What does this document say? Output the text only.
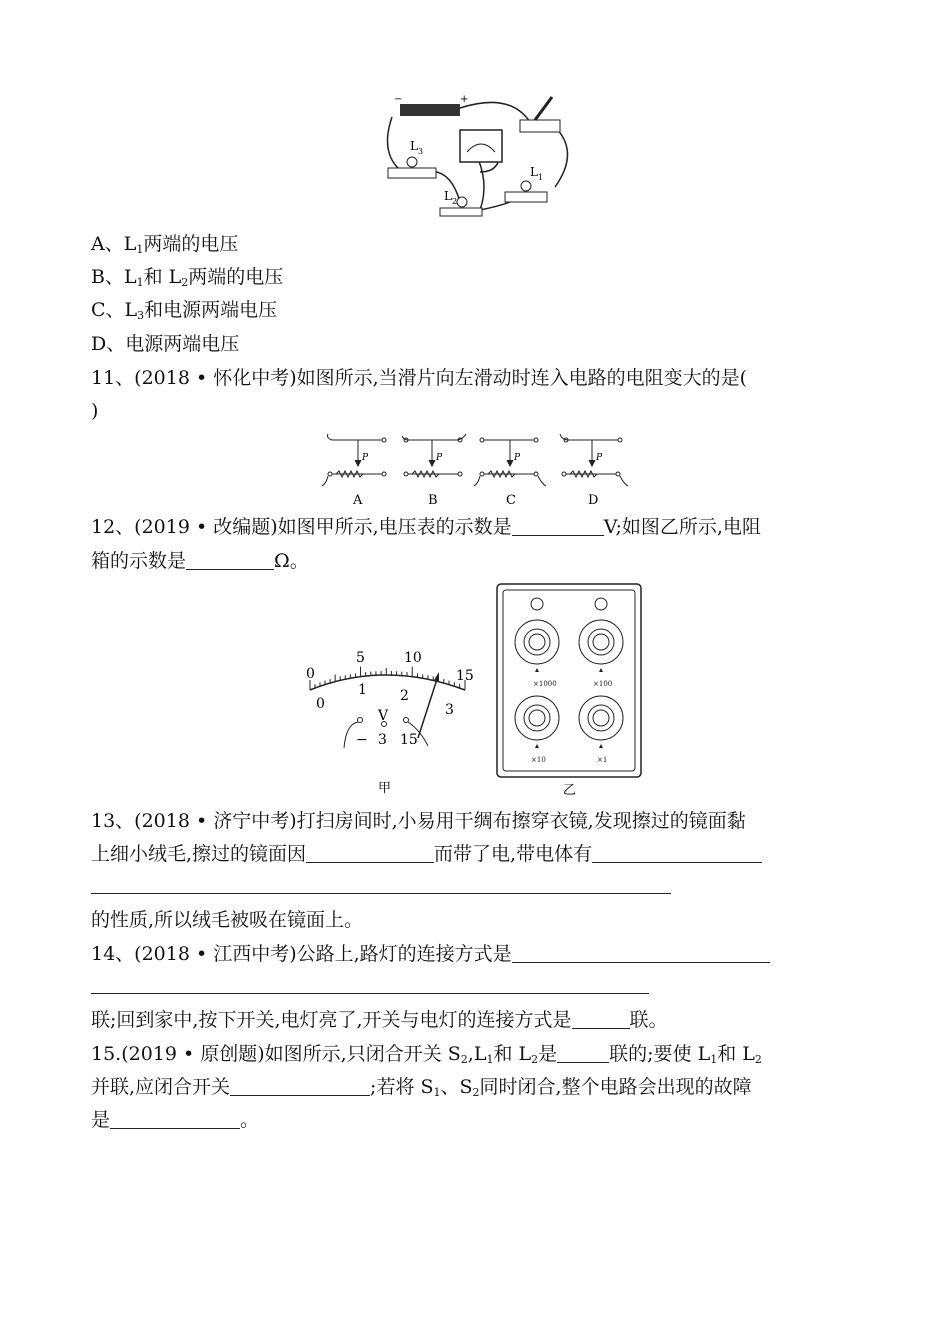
−	+
L 3
L 1
L 2
A、$L_1$两端的电压
B、$L_1$和 $L_2$两端的电压
C、$L_3$和电源两端电压
D、电源两端电压
11、(2018 • 怀化中考)如图所示,当滑片向左滑动时连入电路的电阻变大的是(
)
P	P	P	P
A	B	C	D
12、(2019 • 改编题)如图甲所示,电压表的示数是	V;如图乙所示,电阻
箱的示数是	Ω。
0
5	10
15
0
1 2
3
V
− 3 15
甲
×1000	×100
×10	×1
乙
13、(2018 • 济宁中考)打扫房间时,小易用干绸布擦穿衣镜,发现擦过的镜面黏
上细小绒毛,擦过的镜面因	而带了电,带电体有
的性质,所以绒毛被吸在镜面上。
14、(2018 • 江西中考)公路上,路灯的连接方式是
联;回到家中,按下开关,电灯亮了,开关与电灯的连接方式是	联。
15.(2019 • 原创题)如图所示,只闭合开关 $S_2,L_1$和 $L_2$是	联的;要使 $L_1$和 $L_2$
并联,应闭合开关	;若将 $S_1$、$S_2$同时闭合,整个电路会出现的故障
是	。
